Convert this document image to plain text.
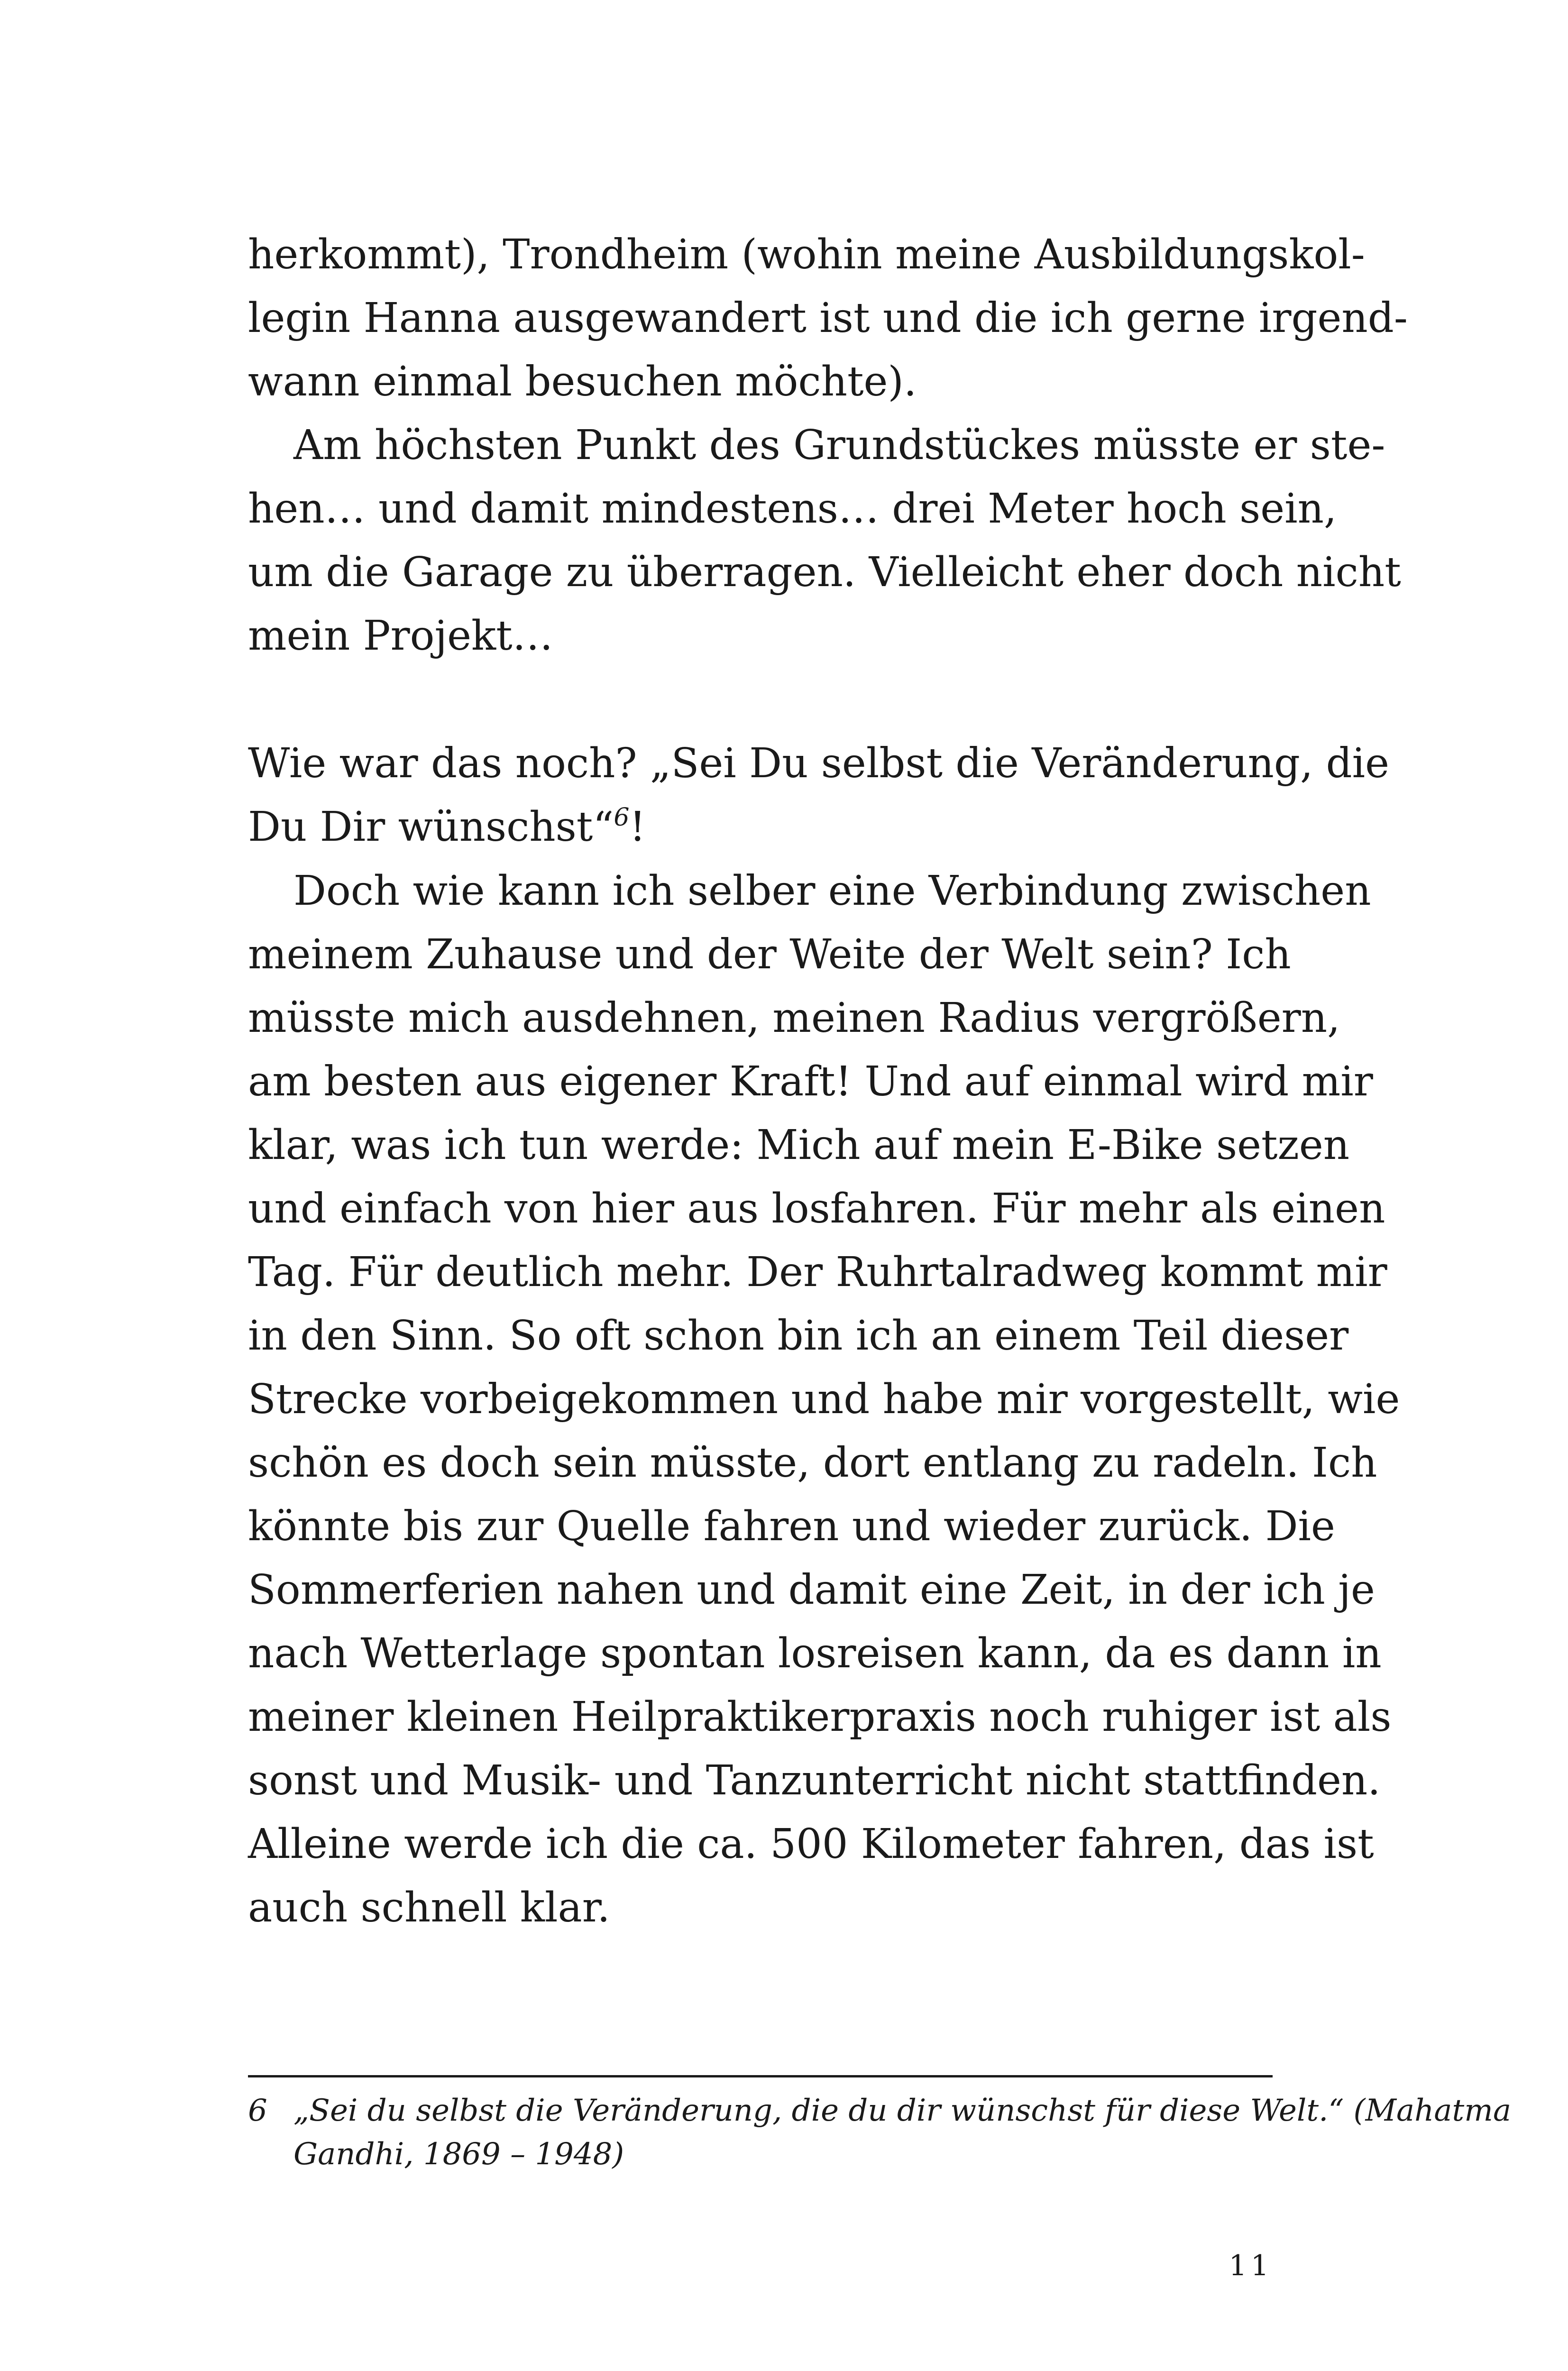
herkommt), Trondheim (wohin meine Ausbildungskol-
legin Hanna ausgewandert ist und die ich gerne irgend-
wann einmal besuchen möchte).
Am höchsten Punkt des Grundstückes müsste er ste-
hen… und damit mindestens… drei Meter hoch sein,
um die Garage zu überragen. Vielleicht eher doch nicht
mein Projekt…
Wie war das noch? „Sei Du selbst die Veränderung, die
Du Dir wünschst“$^6$!
Doch wie kann ich selber eine Verbindung zwischen
meinem Zuhause und der Weite der Welt sein? Ich
müsste mich ausdehnen, meinen Radius vergrößern,
am besten aus eigener Kraft! Und auf einmal wird mir
klar, was ich tun werde: Mich auf mein E-Bike setzen
und einfach von hier aus losfahren. Für mehr als einen
Tag. Für deutlich mehr. Der Ruhrtalradweg kommt mir
in den Sinn. So oft schon bin ich an einem Teil dieser
Strecke vorbeigekommen und habe mir vorgestellt, wie
schön es doch sein müsste, dort entlang zu radeln. Ich
könnte bis zur Quelle fahren und wieder zurück. Die
Sommerferien nahen und damit eine Zeit, in der ich je
nach Wetterlage spontan losreisen kann, da es dann in
meiner kleinen Heilpraktikerpraxis noch ruhiger ist als
sonst und Musik- und Tanzunterricht nicht stattfinden.
Alleine werde ich die ca. 500 Kilometer fahren, das ist
auch schnell klar.
6 „Sei du selbst die Veränderung, die du dir wünschst für diese Welt.“ (Mahatma
Gandhi, 1869 – 1948)
11
